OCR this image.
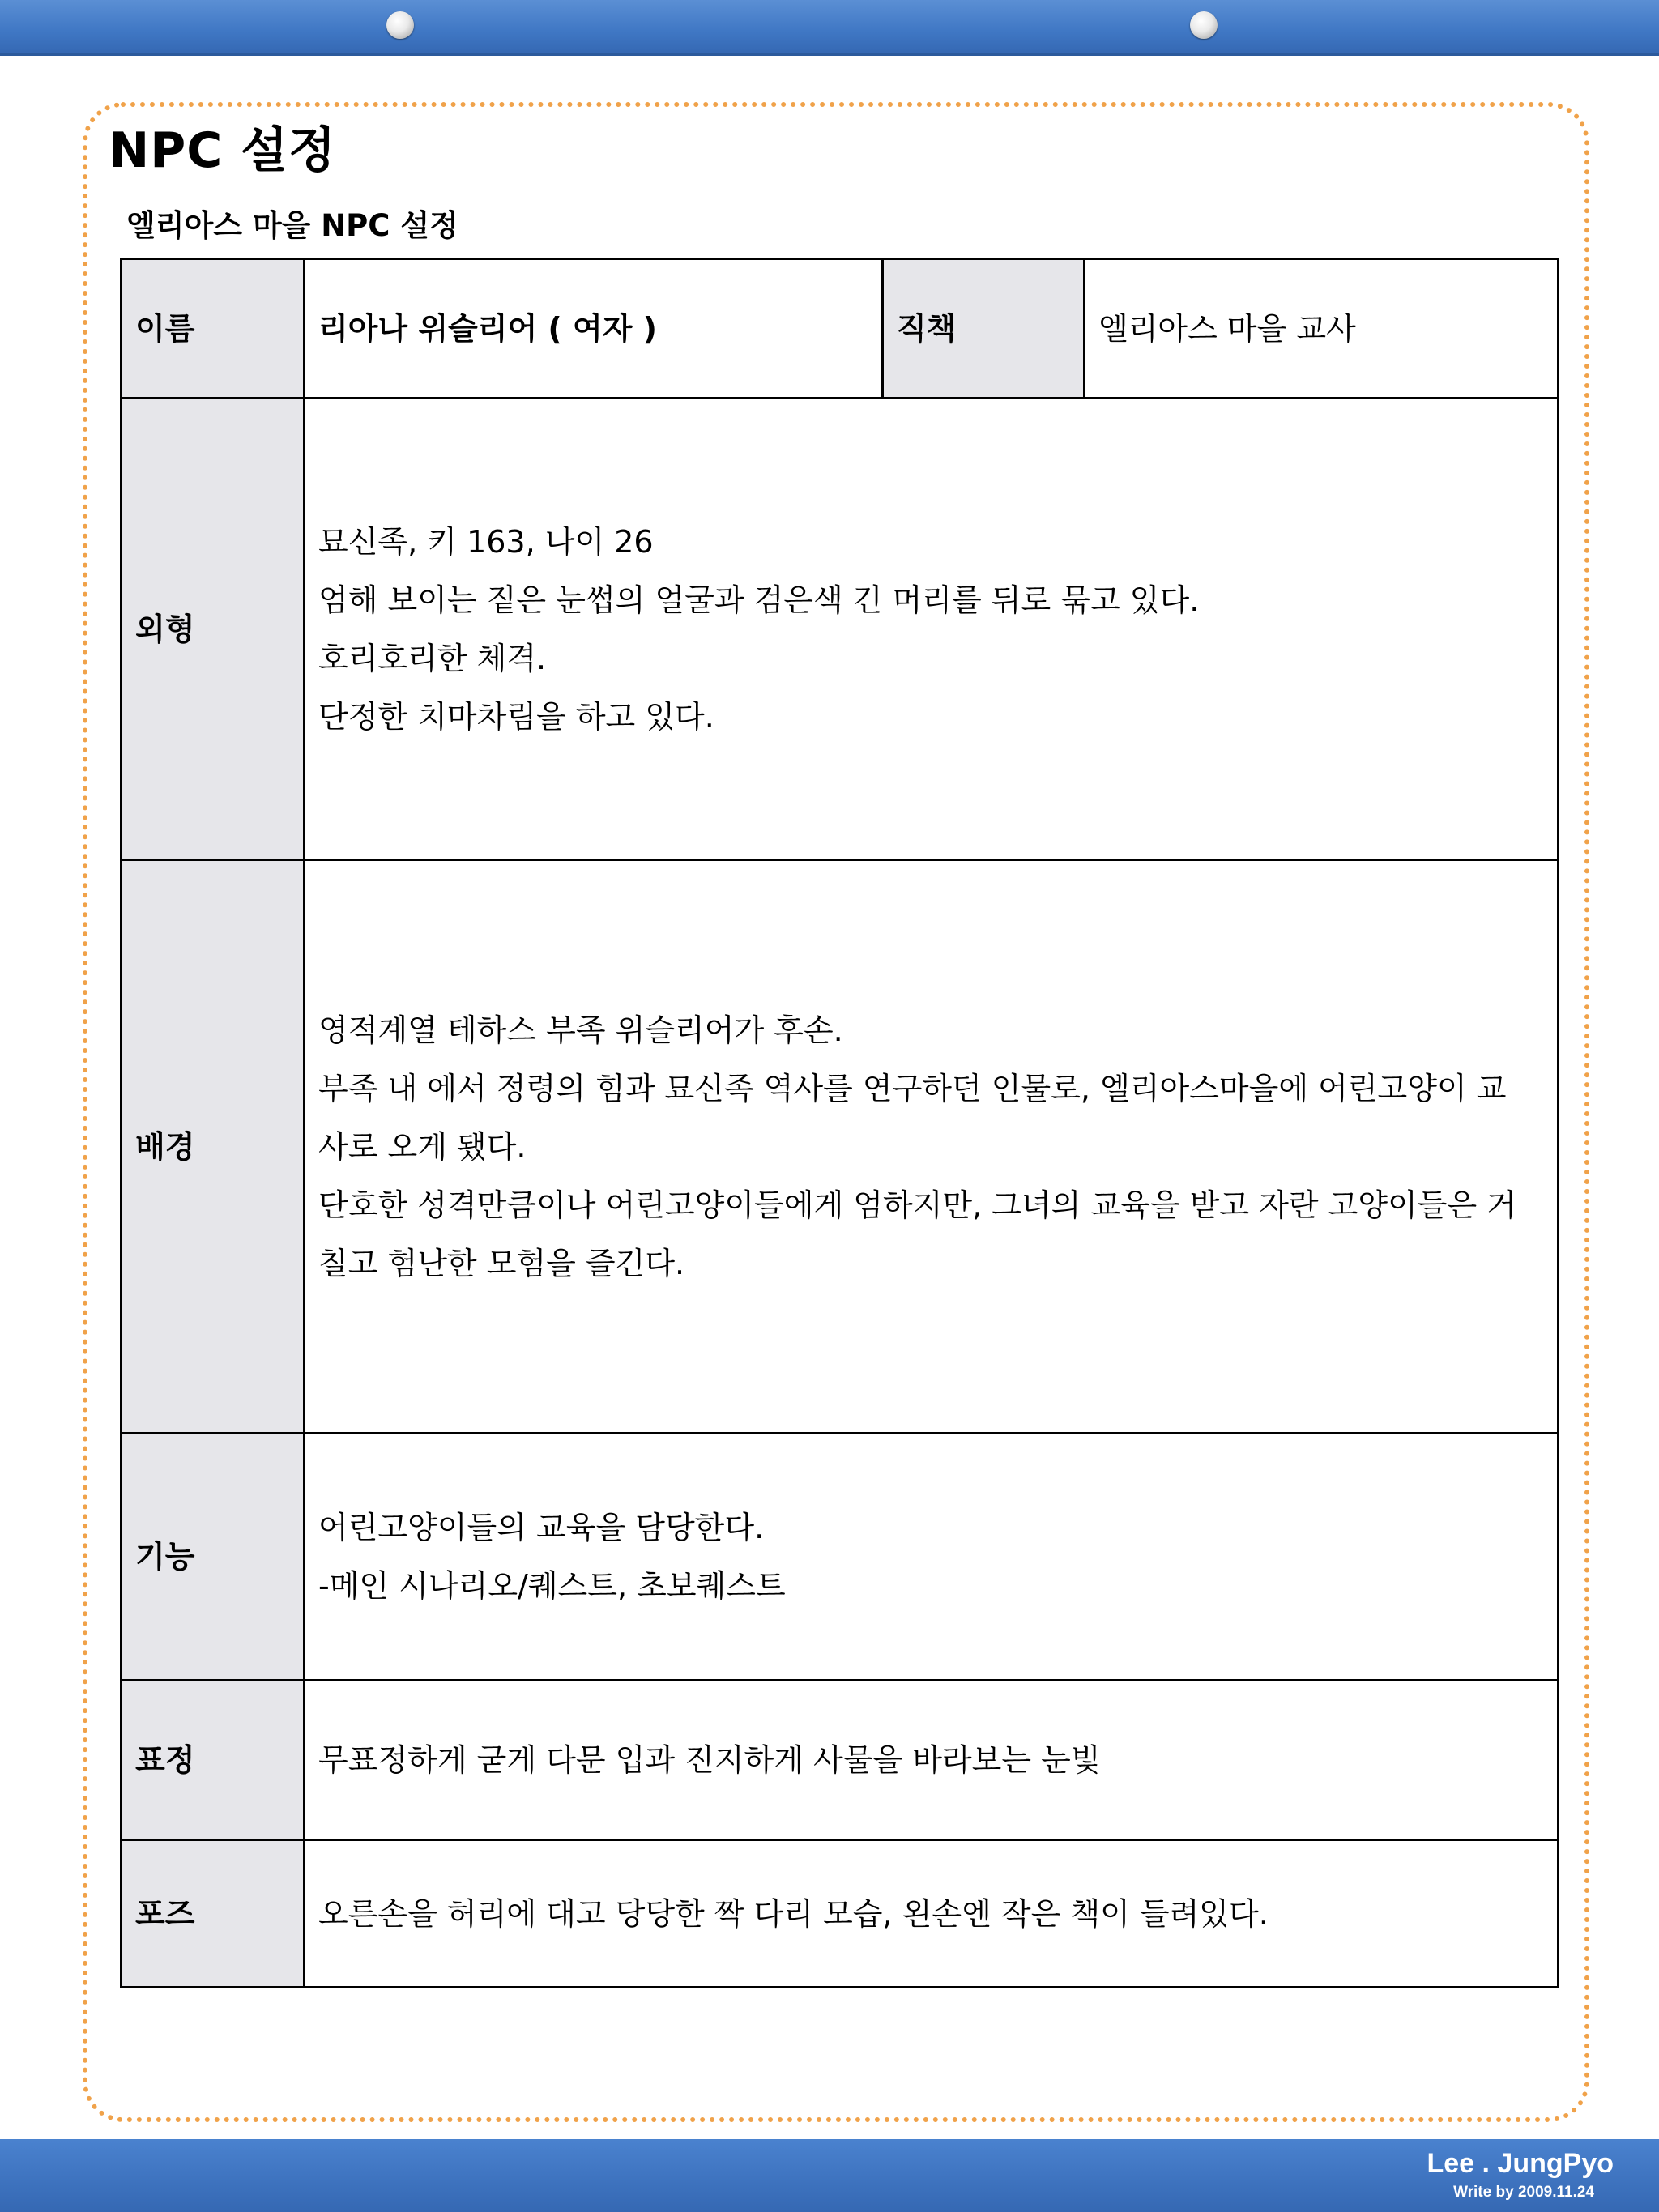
NPC 설정
엘리아스 마을 NPC 설정
이름	리아나 위슬리어 ( 여자 )	직책	엘리아스 마을 교사
외형	묘신족, 키 163, 나이 26
엄해 보이는 짙은 눈썹의 얼굴과 검은색 긴 머리를 뒤로 묶고 있다.
호리호리한 체격.
단정한 치마차림을 하고 있다.		

배경	영적계열 테하스 부족 위슬리어가 후손.
부족 내 에서 정령의 힘과 묘신족 역사를 연구하던 인물로, 엘리아스마을에 어린고양이 교
사로 오게 됐다.
단호한 성격만큼이나 어린고양이들에게 엄하지만, 그녀의 교육을 받고 자란 고양이들은 거
칠고 험난한 모험을 즐긴다.		

기능	어린고양이들의 교육을 담당한다.
-메인 시나리오/퀘스트, 초보퀘스트		

표정	무표정하게 굳게 다문 입과 진지하게 사물을 바라보는 눈빛		
포즈	오른손을 허리에 대고 당당한 짝 다리 모습, 왼손엔 작은 책이 들려있다.		
Lee . JungPyo
Write by 2009.11.24
